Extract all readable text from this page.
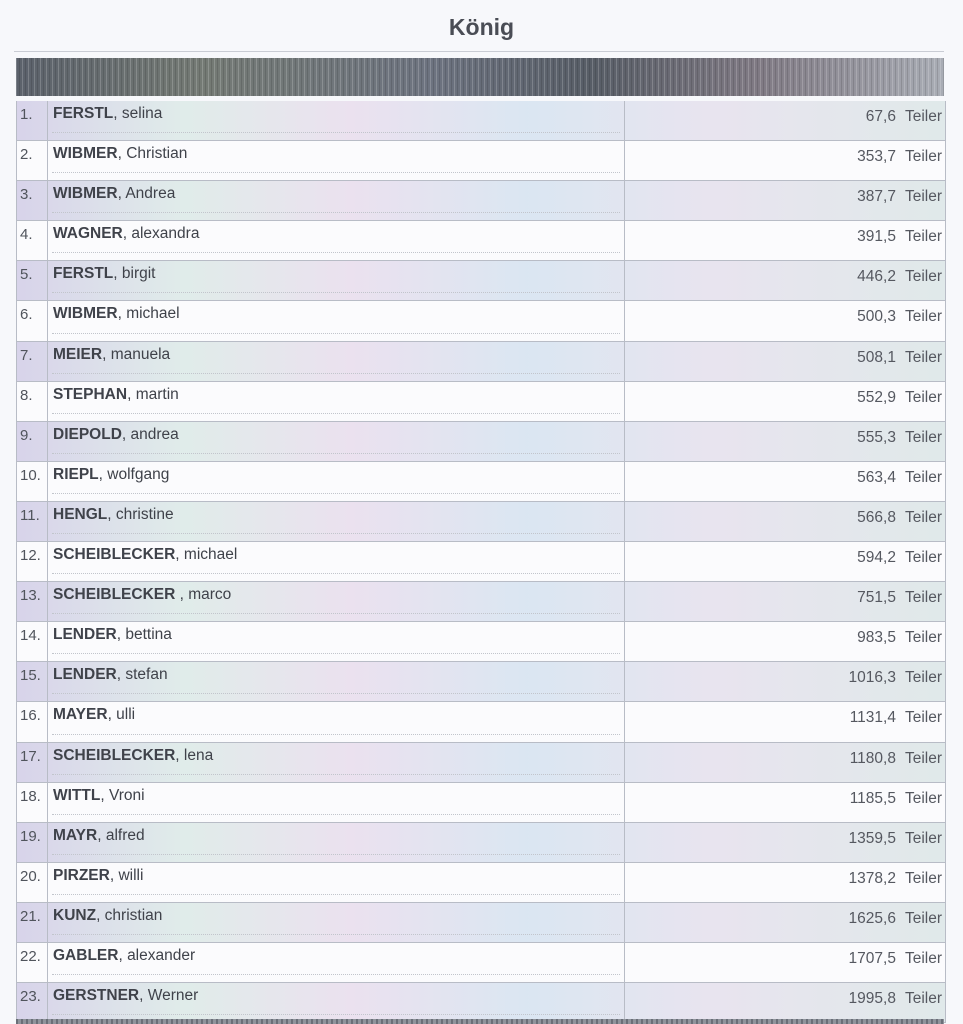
König
1.	FERSTL, selina	67,6 Teiler
2.	WIBMER, Christian	353,7 Teiler
3.	WIBMER, Andrea	387,7 Teiler
4.	WAGNER, alexandra	391,5 Teiler
5.	FERSTL, birgit	446,2 Teiler
6.	WIBMER, michael	500,3 Teiler
7.	MEIER, manuela	508,1 Teiler
8.	STEPHAN, martin	552,9 Teiler
9.	DIEPOLD, andrea	555,3 Teiler
10. RIEPL, wolfgang	563,4 Teiler
11. HENGL, christine	566,8 Teiler
12. SCHEIBLECKER, michael	594,2 Teiler
13. SCHEIBLECKER , marco	751,5 Teiler
14. LENDER, bettina	983,5 Teiler
15. LENDER, stefan	1016,3 Teiler
16. MAYER, ulli	1131,4 Teiler
17. SCHEIBLECKER, lena	1180,8 Teiler
18. WITTL, Vroni	1185,5 Teiler
19. MAYR, alfred	1359,5 Teiler
20. PIRZER, willi	1378,2 Teiler
21. KUNZ, christian	1625,6 Teiler
22. GABLER, alexander	1707,5 Teiler
23. GERSTNER, Werner	1995,8 Teiler
